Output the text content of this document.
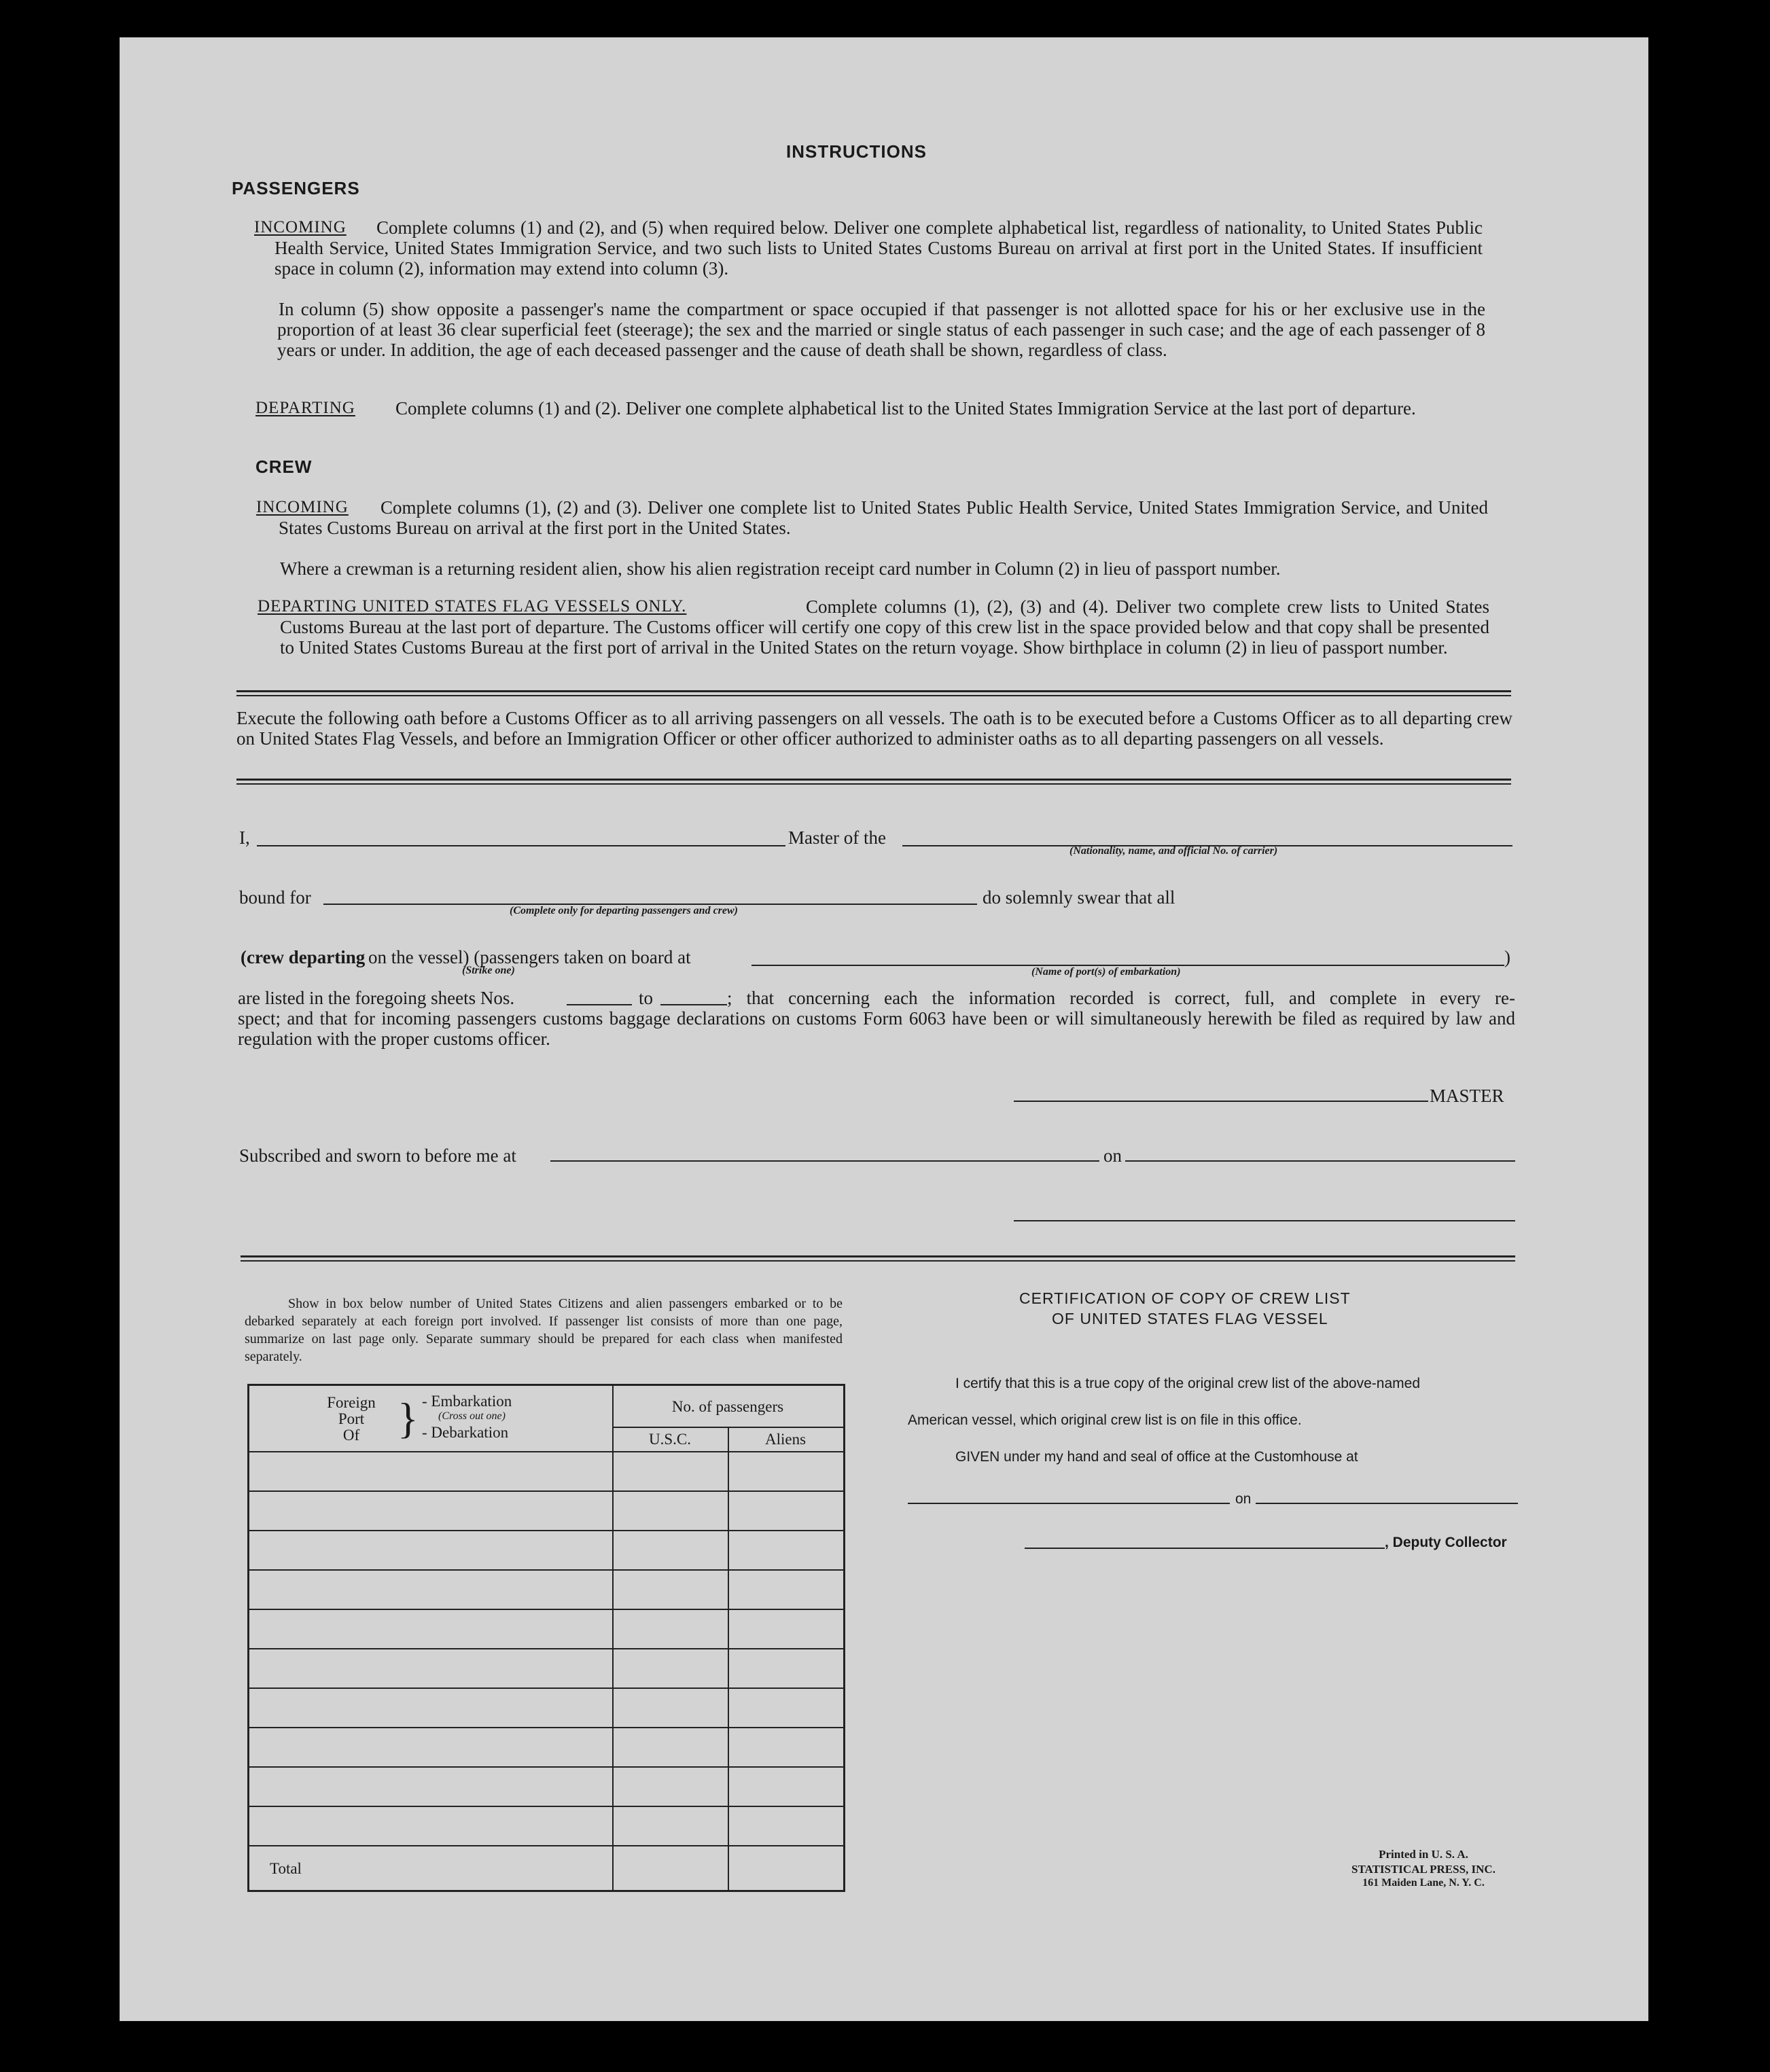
INSTRUCTIONS
PASSENGERS
INCOMING	Complete columns (1) and (2), and (5) when required below. Deliver one complete alphabetical list, regardless of nationality, to United States Public Health Service, United States Immigration Service, and two such lists to United States Customs Bureau on arrival at first port in the United States. If insufficient space in column (2), information may extend into column (3).
In column (5) show opposite a passenger's name the compartment or space occupied if that passenger is not allotted space for his or her exclusive use in the proportion of at least 36 clear superficial feet (steerage); the sex and the married or single status of each passenger in such case; and the age of each passenger of 8 years or under. In addition, the age of each deceased passenger and the cause of death shall be shown, regardless of class.
DEPARTING	Complete columns (1) and (2). Deliver one complete alphabetical list to the United States Immigration Service at the last port of departure.
CREW
INCOMING	Complete columns (1), (2) and (3). Deliver one complete list to United States Public Health Service, United States Immigration Service, and United States Customs Bureau on arrival at the first port in the United States.
Where a crewman is a returning resident alien, show his alien registration receipt card number in Column (2) in lieu of passport number.
DEPARTING UNITED STATES FLAG VESSELS ONLY.	Complete columns (1), (2), (3) and (4). Deliver two complete crew lists to United States Customs Bureau at the last port of departure. The Customs officer will certify one copy of this crew list in the space provided below and that copy shall be presented to United States Customs Bureau at the first port of arrival in the United States on the return voyage. Show birthplace in column (2) in lieu of passport number.
Execute the following oath before a Customs Officer as to all arriving passengers on all vessels. The oath is to be executed before a Customs Officer as to all departing crew on United States Flag Vessels, and before an Immigration Officer or other officer authorized to administer oaths as to all departing passengers on all vessels.
I,	Master of the
(Nationality, name, and official No. of carrier)
bound for
(Complete only for departing passengers and crew)
do solemnly swear that all
(crew departing on the vessel) (passengers taken on board at	)
(Strike one)	(Name of port(s) of embarkation)
are listed in the foregoing sheets Nos.	to	; that concerning each the information recorded is correct, full, and complete in every re-
spect; and that for incoming passengers customs baggage declarations on customs Form 6063 have been or will simultaneously herewith be filed as required by law and regulation with the proper customs officer.
MASTER
Subscribed and sworn to before me at	on
Show in box below number of United States Citizens and alien passengers embarked or to be debarked separately at each foreign port involved. If passenger list consists of more than one page, summarize on last page only. Separate summary should be prepared for each class when manifested separately.
Foreign
Port
Of } - Embarkation
(Cross out one)
- Debarkation
No. of passengers
U.S.C.	Aliens
Total
CERTIFICATION OF COPY OF CREW LIST
OF UNITED STATES FLAG VESSEL
I certify that this is a true copy of the original crew list of the above-named
American vessel, which original crew list is on file in this office.
GIVEN under my hand and seal of office at the Customhouse at
on
, Deputy Collector
Printed in U. S. A.
STATISTICAL PRESS, INC.
161 Maiden Lane, N. Y. C.
